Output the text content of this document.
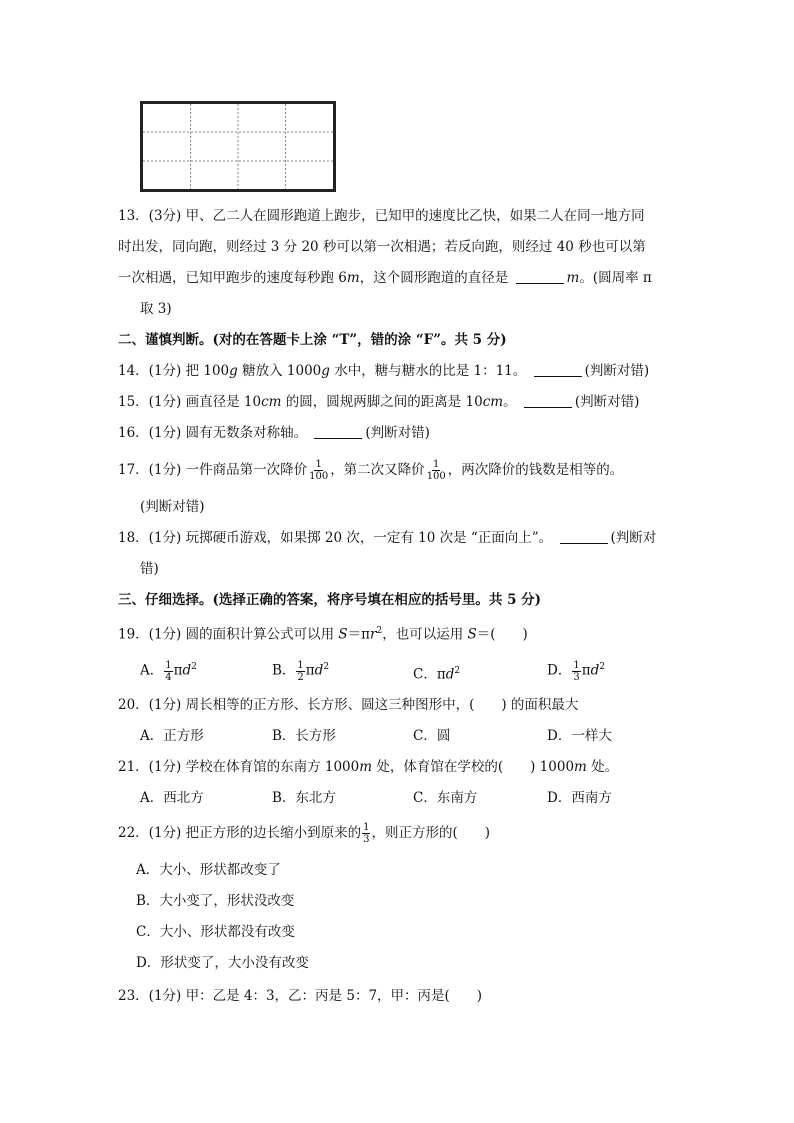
13．(3分) 甲、乙二人在圆形跑道上跑步，已知甲的速度比乙快，如果二人在同一地方同
时出发，同向跑，则经过 3 分 20 秒可以第一次相遇；若反向跑，则经过 40 秒也可以第
一次相遇，已知甲跑步的速度每秒跑 6m，这个圆形跑道的直径是	m。(圆周率 π
取 3)
二、谨慎判断。(对的在答题卡上涂 “T”，错的涂 “F”。共 5 分)
14．(1分) 把 100g 糖放入 1000g 水中，糖与糖水的比是 1：11。	(判断对错)
15．(1分) 画直径是 10cm 的圆，圆规两脚之间的距离是 10cm。	(判断对错)
16．(1分) 圆有无数条对称轴。	(判断对错)
17．(1分) 一件商品第一次降价 $\frac{1}{100}$ ，第二次又降价 $\frac{1}{100}$ ，两次降价的钱数是相等的。
(判断对错)
18．(1分) 玩掷硬币游戏，如果掷 20 次，一定有 10 次是 “正面向上”。	(判断对
错)
三、仔细选择。(选择正确的答案，将序号填在相应的括号里。共 5 分)
19．(1分) 圆的面积计算公式可以用 $S=\pi r^2$，也可以运用 S＝(　　)
A． $\frac{1}{4} \pi d^2$	B． $\frac{1}{2} \pi d^2$	C．$\pi d^2$	D． $\frac{1}{3} \pi d^2$
20．(1分) 周长相等的正方形、长方形、圆这三种图形中，(　　) 的面积最大
A．正方形	B．长方形	C．圆	D．一样大
21．(1分) 学校在体育馆的东南方 1000m 处，体育馆在学校的(　　) 1000m 处。
A．西北方	B．东北方	C．东南方	D．西南方
22．(1分) 把正方形的边长缩小到原来的 $\frac{1}{3}$ ，则正方形的(　　)
A．大小、形状都改变了
B．大小变了，形状没改变
C．大小、形状都没有改变
D．形状变了，大小没有改变
23．(1分) 甲：乙是 4：3，乙：丙是 5：7，甲：丙是(　　)
